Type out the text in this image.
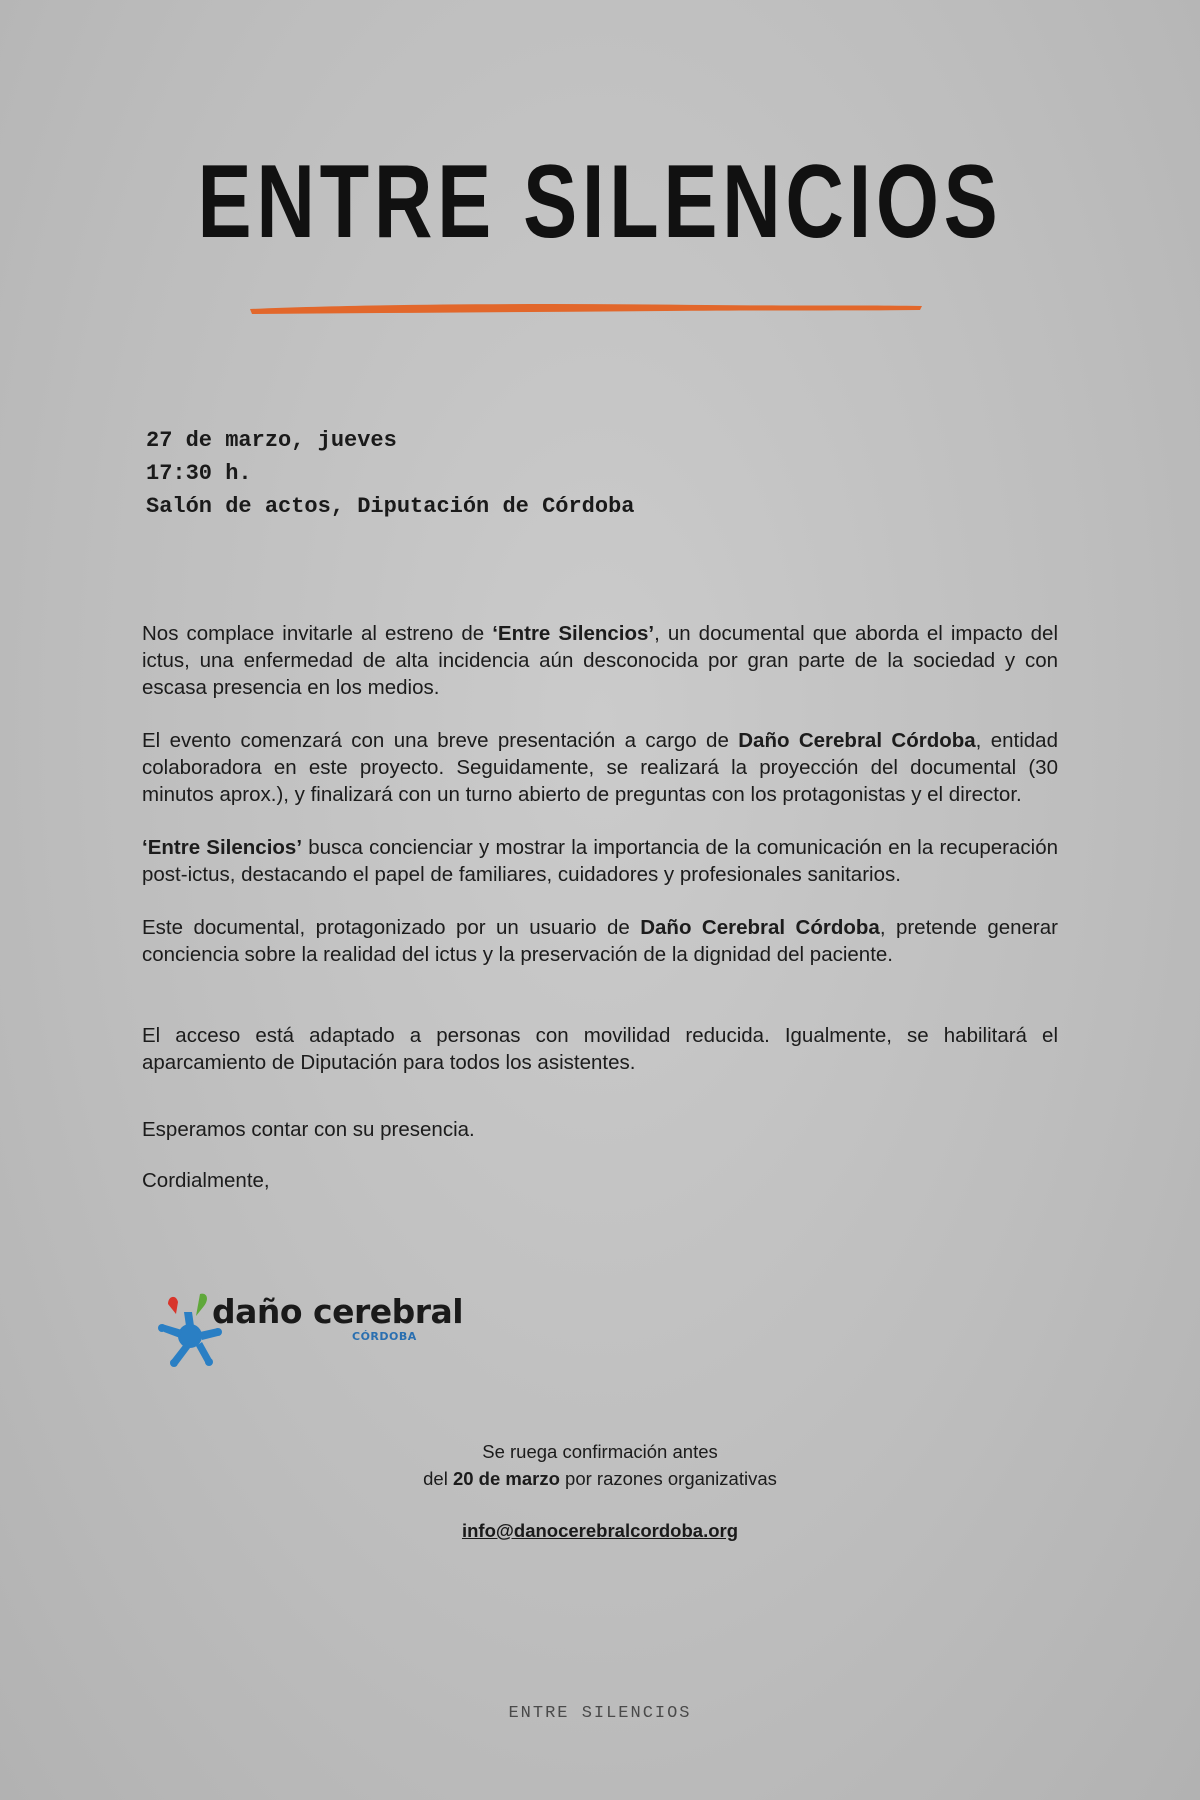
ENTRE SILENCIOS
27 de marzo, jueves
17:30 h.
Salón de actos, Diputación de Córdoba

Nos complace invitarle al estreno de ‘Entre Silencios’, un documental que aborda el impacto del ictus, una enfermedad de alta incidencia aún desconocida por gran parte de la sociedad y con escasa presencia en los medios.

El evento comenzará con una breve presentación a cargo de Daño Cerebral Córdoba, entidad colaboradora en este proyecto. Seguidamente, se realizará la proyección del documental (30 minutos aprox.), y finalizará con un turno abierto de preguntas con los protagonistas y el director.

‘Entre Silencios’ busca concienciar y mostrar la importancia de la comunicación en la recuperación post-ictus, destacando el papel de familiares, cuidadores y profesionales sanitarios.

Este documental, protagonizado por un usuario de Daño Cerebral Córdoba, pretende generar conciencia sobre la realidad del ictus y la preservación de la dignidad del paciente.

El acceso está adaptado a personas con movilidad reducida. Igualmente, se habilitará el aparcamiento de Diputación para todos los asistentes.

Esperamos contar con su presencia.

Cordialmente,

daño cerebral
CÓRDOBA
Se ruega confirmación antes
del 20 de marzo por razones organizativas
info@danocerebralcordoba.org
ENTRE SILENCIOS
